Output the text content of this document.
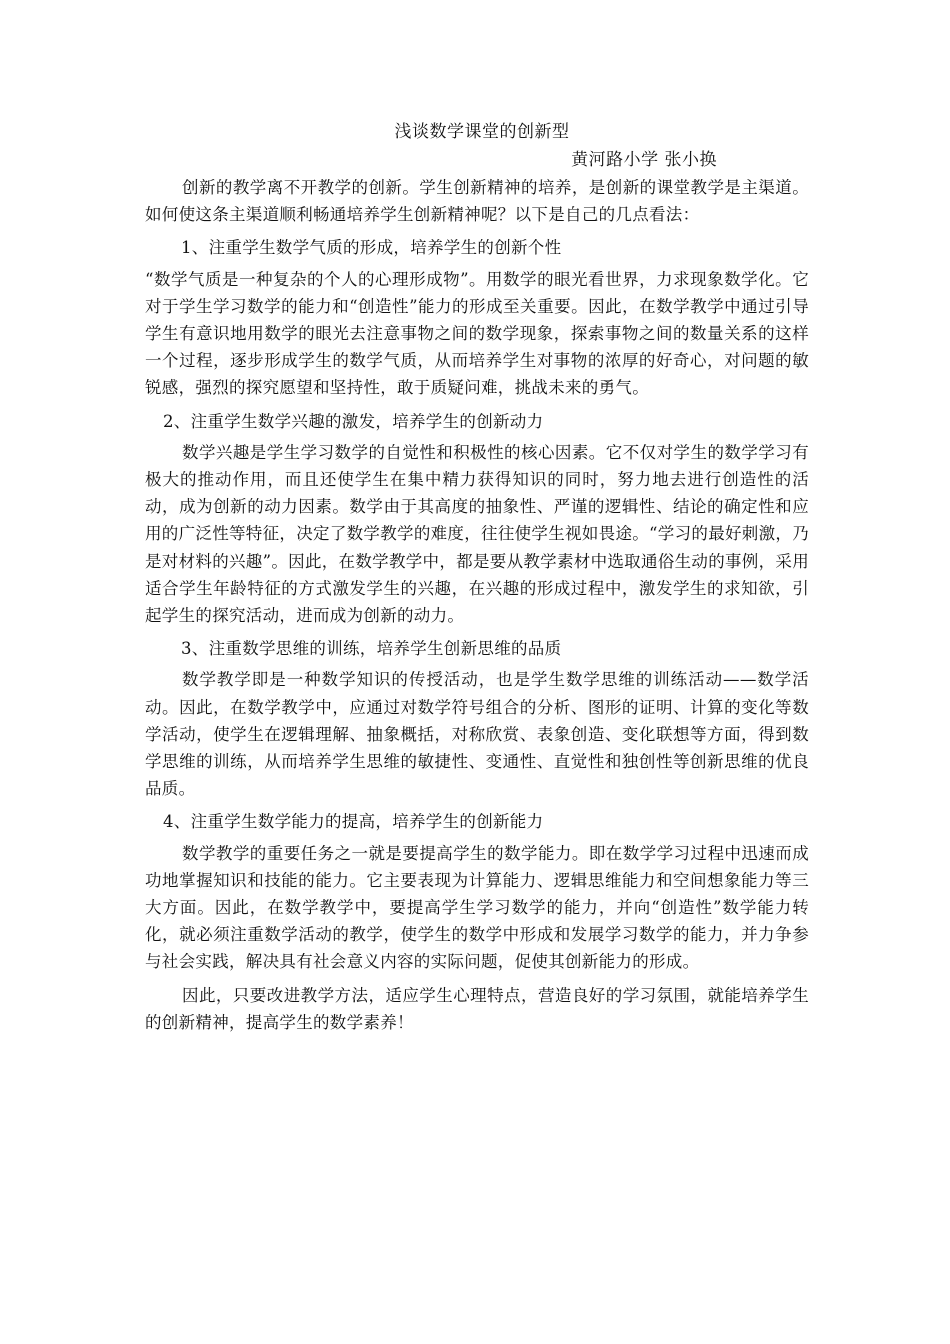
浅谈数学课堂的创新型

黄河路小学 张小换

创新的教学离不开教学的创新。学生创新精神的培养，是创新的课堂教学是主渠道。如何使这条主渠道顺利畅通培养学生创新精神呢？以下是自己的几点看法：

1、注重学生数学气质的形成，培养学生的创新个性

“数学气质是一种复杂的个人的心理形成物”。用数学的眼光看世界，力求现象数学化。它对于学生学习数学的能力和“创造性”能力的形成至关重要。因此，在数学教学中通过引导学生有意识地用数学的眼光去注意事物之间的数学现象，探索事物之间的数量关系的这样一个过程，逐步形成学生的数学气质，从而培养学生对事物的浓厚的好奇心，对问题的敏锐感，强烈的探究愿望和坚持性，敢于质疑问难，挑战未来的勇气。

2、注重学生数学兴趣的激发，培养学生的创新动力

数学兴趣是学生学习数学的自觉性和积极性的核心因素。它不仅对学生的数学学习有极大的推动作用，而且还使学生在集中精力获得知识的同时，努力地去进行创造性的活动，成为创新的动力因素。数学由于其高度的抽象性、严谨的逻辑性、结论的确定性和应用的广泛性等特征，决定了数学教学的难度，往往使学生视如畏途。“学习的最好刺激，乃是对材料的兴趣”。因此，在数学教学中，都是要从教学素材中选取通俗生动的事例，采用适合学生年龄特征的方式激发学生的兴趣，在兴趣的形成过程中，激发学生的求知欲，引起学生的探究活动，进而成为创新的动力。

3、注重数学思维的训练，培养学生创新思维的品质

数学教学即是一种数学知识的传授活动，也是学生数学思维的训练活动——数学活动。因此，在数学教学中，应通过对数学符号组合的分析、图形的证明、计算的变化等数学活动，使学生在逻辑理解、抽象概括，对称欣赏、表象创造、变化联想等方面，得到数学思维的训练，从而培养学生思维的敏捷性、变通性、直觉性和独创性等创新思维的优良品质。

4、注重学生数学能力的提高，培养学生的创新能力

数学教学的重要任务之一就是要提高学生的数学能力。即在数学学习过程中迅速而成功地掌握知识和技能的能力。它主要表现为计算能力、逻辑思维能力和空间想象能力等三大方面。因此，在数学教学中，要提高学生学习数学的能力，并向“创造性”数学能力转化，就必须注重数学活动的教学，使学生的数学中形成和发展学习数学的能力，并力争参与社会实践，解决具有社会意义内容的实际问题，促使其创新能力的形成。

因此，只要改进教学方法，适应学生心理特点，营造良好的学习氛围，就能培养学生的创新精神，提高学生的数学素养！
